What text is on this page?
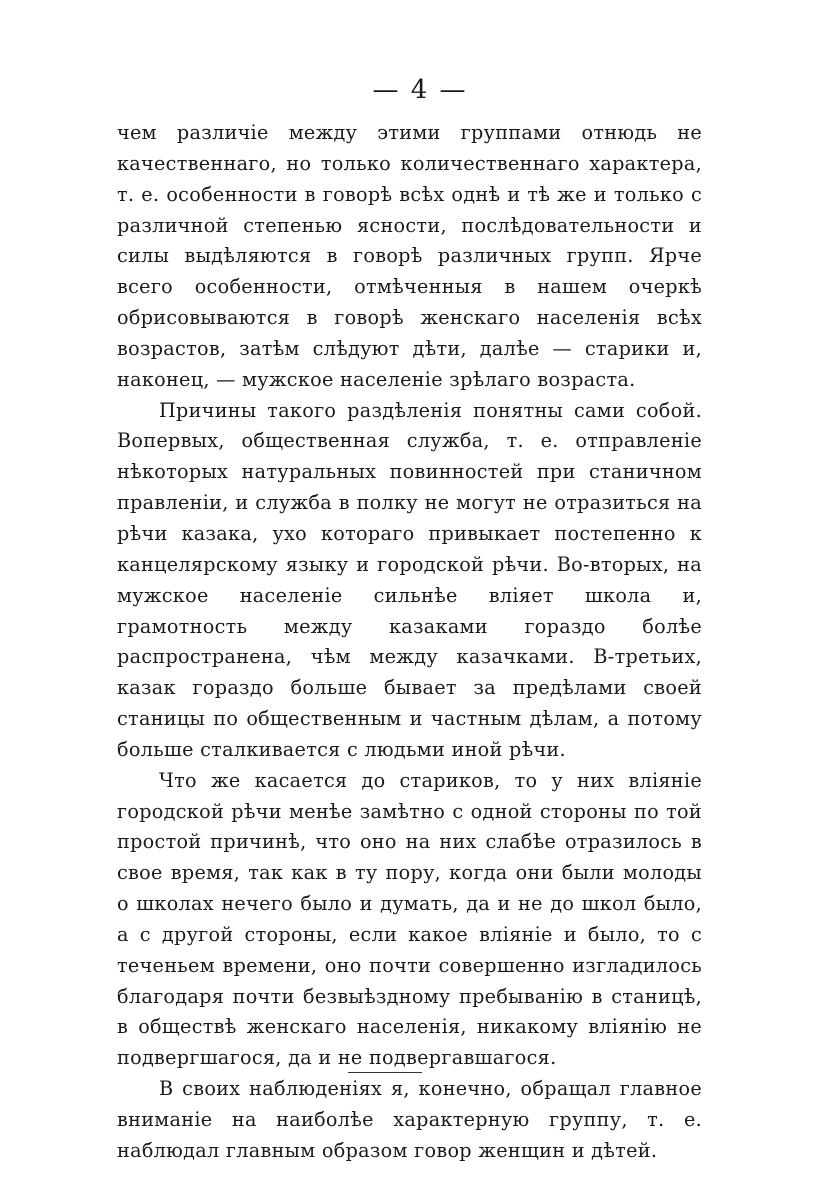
— 4 —

чем различіе между этими группами отнюдь не качественнаго, но только количественнаго характера, т. е. особенности в говорѣ всѣх однѣ и тѣ же и только с различной степенью ясности, послѣдовательности и силы выдѣляются в говорѣ различных групп. Ярче всего особенности, отмѣченныя в нашем очеркѣ обрисовываются в говорѣ женскаго населенія всѣх возрастов, затѣм слѣдуют дѣти, далѣе — старики и, наконец, — мужское населеніе зрѣлаго возраста.

Причины такого раздѣленія понятны сами собой. Вопервых, общественная служба, т. е. отправленіе нѣкоторых натуральных повинностей при станичном правленіи, и служба в полку не могут не отразиться на рѣчи казака, ухо котораго привыкает постепенно к канцелярскому языку и городской рѣчи. Во-вторых, на мужское населеніе сильнѣе вліяет школа и, грамотность между казаками гораздо болѣе распространена, чѣм между казачками. В-третьих, казак гораздо больше бывает за предѣлами своей станицы по общественным и частным дѣлам, а потому больше сталкивается с людьми иной рѣчи.

Что же касается до стариков, то у них вліяніе городской рѣчи менѣе замѣтно с одной стороны по той простой причинѣ, что оно на них слабѣе отразилось в свое время, так как в ту пору, когда они были молоды о школах нечего было и думать, да и не до школ было, а с другой стороны, если какое вліяніе и было, то с теченьем времени, оно почти совершенно изгладилось благодаря почти безвыѣздному пребыванію в станицѣ, в обществѣ женскаго населенія, никакому вліянію не подвергшагося, да и не подвергавшагося.

В своих наблюденіях я, конечно, обращал главное вниманіе на наиболѣе характерную группу, т. е. наблюдал главным образом говор женщин и дѣтей.
